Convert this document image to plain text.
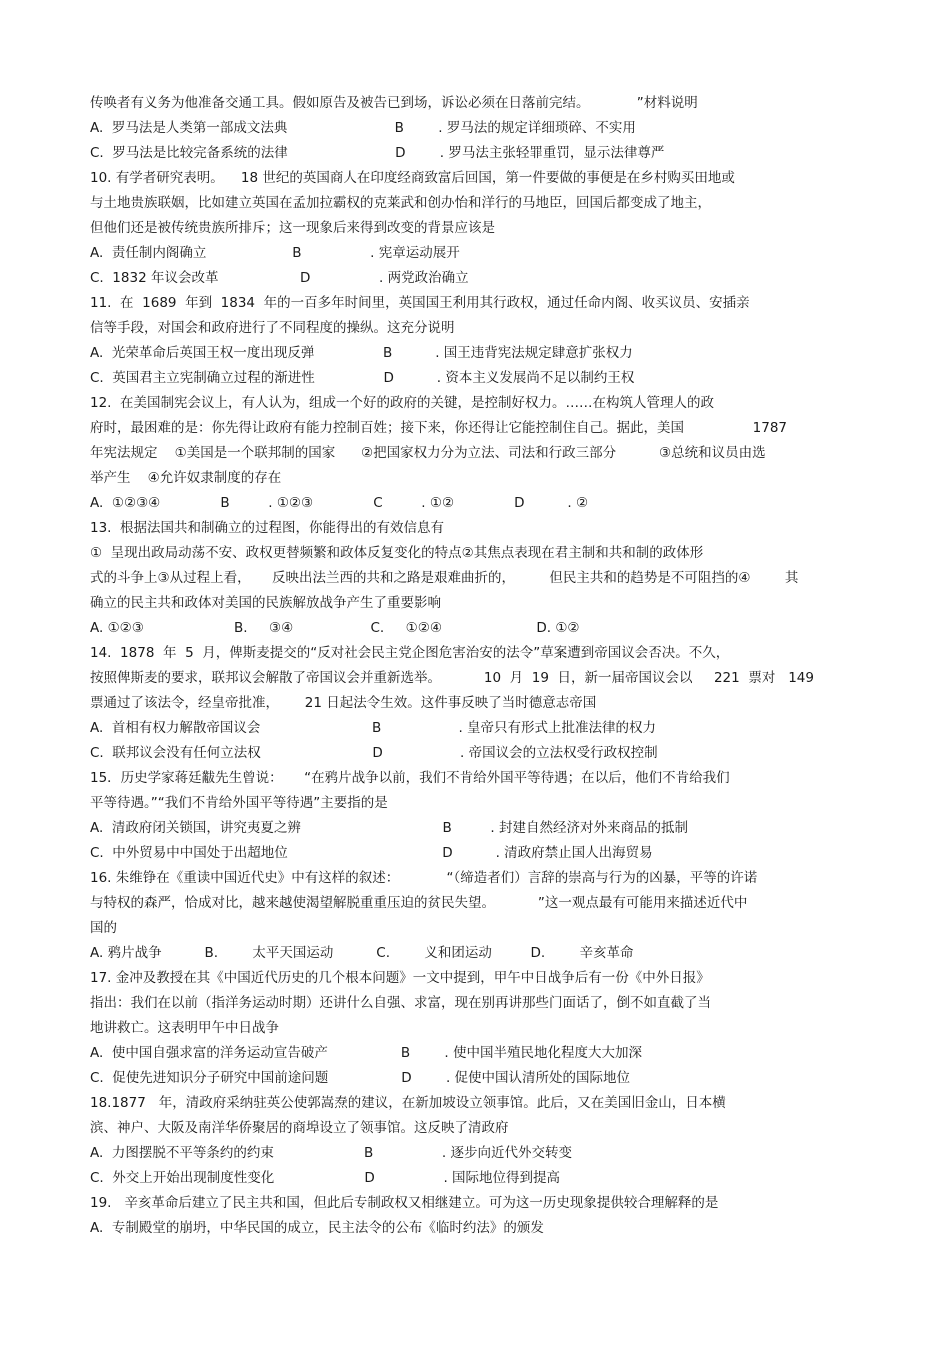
传唤者有义务为他准备交通工具。假如原告及被告已到场，诉讼必须在日落前完结。           ”材料说明
A.  罗马法是人类第一部成文法典                         B        . 罗马法的规定详细琐碎、不实用
C.  罗马法是比较完备系统的法律                         D        . 罗马法主张轻罪重罚，显示法律尊严
10. 有学者研究表明。    18 世纪的英国商人在印度经商致富后回国，第一件要做的事便是在乡村购买田地或
与土地贵族联姻，比如建立英国在孟加拉霸权的克莱武和创办怡和洋行的马地臣，回国后都变成了地主，
但他们还是被传统贵族所排斥；这一现象后来得到改变的背景应该是
A.  责任制内阁确立                    B                . 宪章运动展开
C.  1832 年议会改革                   D                . 两党政治确立
11.  在  1689  年到  1834  年的一百多年时间里，英国国王利用其行政权，通过任命内阁、收买议员、安插亲
信等手段，对国会和政府进行了不同程度的操纵。这充分说明
A.  光荣革命后英国王权一度出现反弹                B          . 国王违背宪法规定肆意扩张权力
C.  英国君主立宪制确立过程的渐进性                D          . 资本主义发展尚不足以制约王权
12.  在美国制宪会议上，有人认为，组成一个好的政府的关键，是控制好权力。……在构筑人管理人的政
府时，最困难的是：你先得让政府有能力控制百姓；接下来，你还得让它能控制住自己。据此，美国                1787
年宪法规定    ①美国是一个联邦制的国家      ②把国家权力分为立法、司法和行政三部分          ③总统和议员由选
举产生    ④允许奴隶制度的存在
A.  ①②③④              B         . ①②③              C         . ①②              D          . ②
13.  根据法国共和制确立的过程图，你能得出的有效信息有
①  呈现出政局动荡不安、政权更替频繁和政体反复变化的特点②其焦点表现在君主制和共和制的政体形
式的斗争上③从过程上看，     反映出法兰西的共和之路是艰难曲折的，        但民主共和的趋势是不可阻挡的④        其
确立的民主共和政体对美国的民族解放战争产生了重要影响
A. ①②③                     B.     ③④                  C.     ①②④                      D. ①②
14.  1878  年  5  月，俾斯麦提交的“反对社会民主党企图危害治安的法令”草案遭到帝国议会否决。不久，
按照俾斯麦的要求，联邦议会解散了帝国议会并重新选举。          10  月  19  日，新一届帝国议会以     221  票对   149
票通过了该法令，经皇帝批准，      21 日起法令生效。这件事反映了当时德意志帝国
A.  首相有权力解散帝国议会                          B                  . 皇帝只有形式上批准法律的权力
C.  联邦议会没有任何立法权                          D                  . 帝国议会的立法权受行政权控制
15．历史学家蒋廷黻先生曾说：     “在鸦片战争以前，我们不肯给外国平等待遇；在以后，他们不肯给我们
平等待遇。”“我们不肯给外国平等待遇”主要指的是
A.  清政府闭关锁国，讲究夷夏之辨                                 B         . 封建自然经济对外来商品的抵制
C.  中外贸易中中国处于出超地位                                    D          . 清政府禁止国人出海贸易
16. 朱维铮在《重读中国近代史》中有这样的叙述：           “（缔造者们）言辞的崇高与行为的凶暴，平等的许诺
与特权的森严，恰成对比，越来越使渴望解脱重重压迫的贫民失望。          ”这一观点最有可能用来描述近代中
国的
A. 鸦片战争          B.        太平天国运动          C.        义和团运动         D.        辛亥革命
17. 金冲及教授在其《中国近代历史的几个根本问题》一文中提到，甲午中日战争后有一份《中外日报》
指出：我们在以前（指洋务运动时期）还讲什么自强、求富，现在别再讲那些门面话了，倒不如直截了当
地讲救亡。这表明甲午中日战争
A.  使中国自强求富的洋务运动宣告破产                 B        . 使中国半殖民地化程度大大加深
C.  促使先进知识分子研究中国前途问题                 D        . 促使中国认清所处的国际地位
18.1877   年，清政府采纳驻英公使郭嵩焘的建议，在新加坡设立领事馆。此后，又在美国旧金山，日本横
滨、神户、大阪及南洋华侨聚居的商埠设立了领事馆。这反映了清政府
A.  力图摆脱不平等条约的约束                     B                . 逐步向近代外交转变
C.  外交上开始出现制度性变化                     D                . 国际地位得到提高
19.   辛亥革命后建立了民主共和国，但此后专制政权又相继建立。可为这一历史现象提供较合理解释的是
A.  专制殿堂的崩坍，中华民国的成立，民主法令的公布《临时约法》的颁发
